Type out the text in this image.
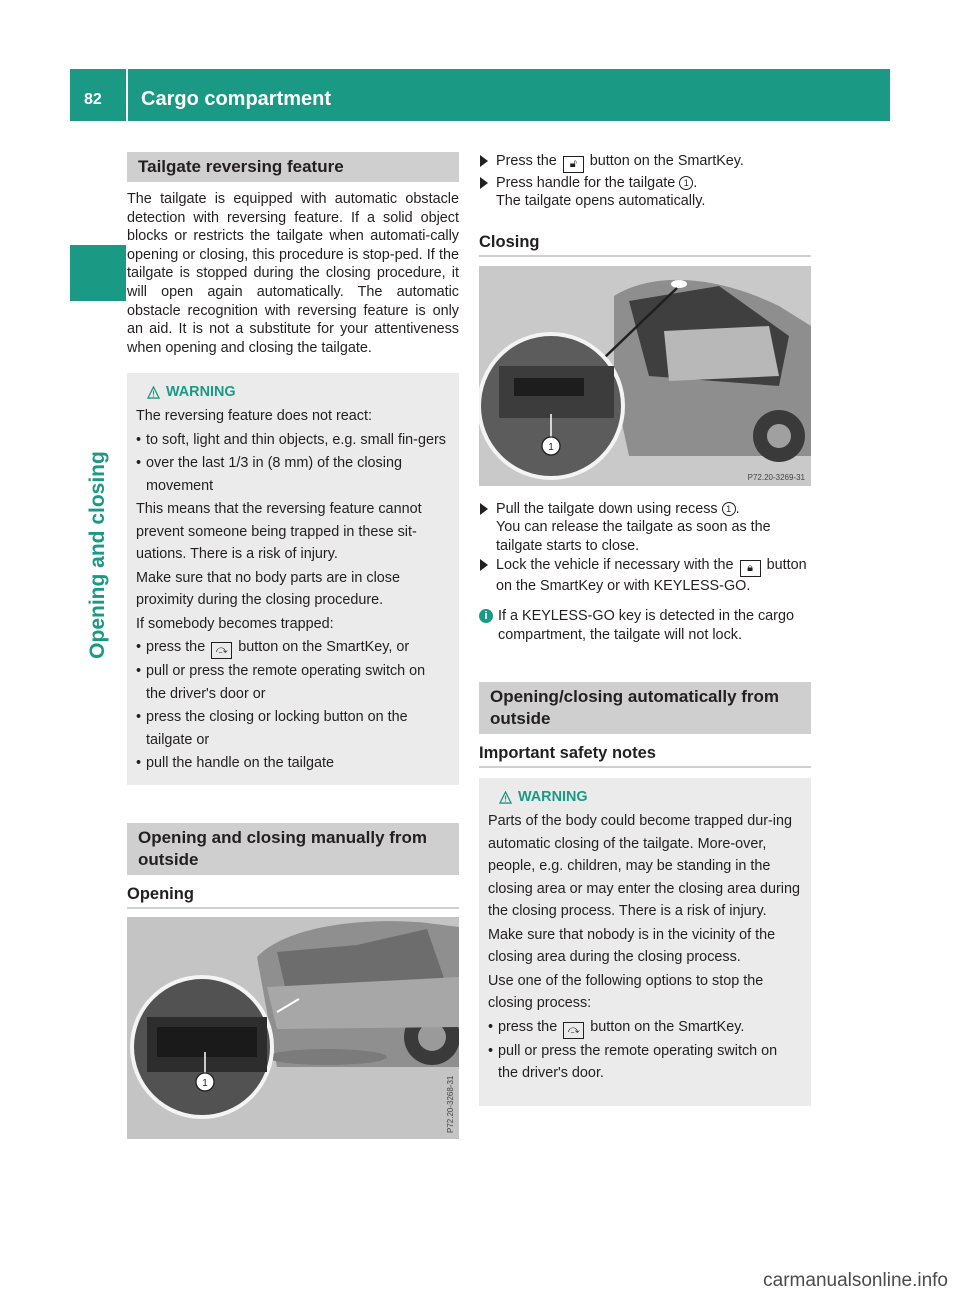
82	Cargo compartment
Opening and closing
Tailgate reversing feature

The tailgate is equipped with automatic obstacle detection with reversing feature. If a solid object blocks or restricts the tailgate when automati-cally opening or closing, this procedure is stop-ped. If the tailgate is stopped during the closing procedure, it will open again automatically. The automatic obstacle recognition with reversing feature is only an aid. It is not a substitute for your attentiveness when opening and closing the tailgate.

WARNING

The reversing feature does not react:

• to soft, light and thin objects, e.g. small fin-gers
• over the last 1/3 in (8 mm) of the closing movement

This means that the reversing feature cannot prevent someone being trapped in these sit-uations. There is a risk of injury.

Make sure that no body parts are in close proximity during the closing procedure.

If somebody becomes trapped:

• press the ⤼ button on the SmartKey, or
• pull or press the remote operating switch on the driver's door or
• press the closing or locking button on the tailgate or
• pull the handle on the tailgate
Opening and closing manually from outside
Opening
1	P72.20-3268-31
Press the 🔓︎ button on the SmartKey.
Press handle for the tailgate 1 .
The tailgate opens automatically.
Closing
1
P72.20-3269-31
Pull the tailgate down using recess 1 .
You can release the tailgate as soon as the tailgate starts to close.
Lock the vehicle if necessary with the 🔒︎ button on the SmartKey or with KEYLESS-GO.
i If a KEYLESS-GO key is detected in the cargo compartment, the tailgate will not lock.
Opening/closing automatically from outside
Important safety notes
WARNING

Parts of the body could become trapped dur-ing automatic closing of the tailgate. More-over, people, e.g. children, may be standing in the closing area or may enter the closing area during the closing process. There is a risk of injury.

Make sure that nobody is in the vicinity of the closing area during the closing process.

Use one of the following options to stop the closing process:

• press the ⤼ button on the SmartKey.
• pull or press the remote operating switch on the driver's door.
carmanualsonline.info
